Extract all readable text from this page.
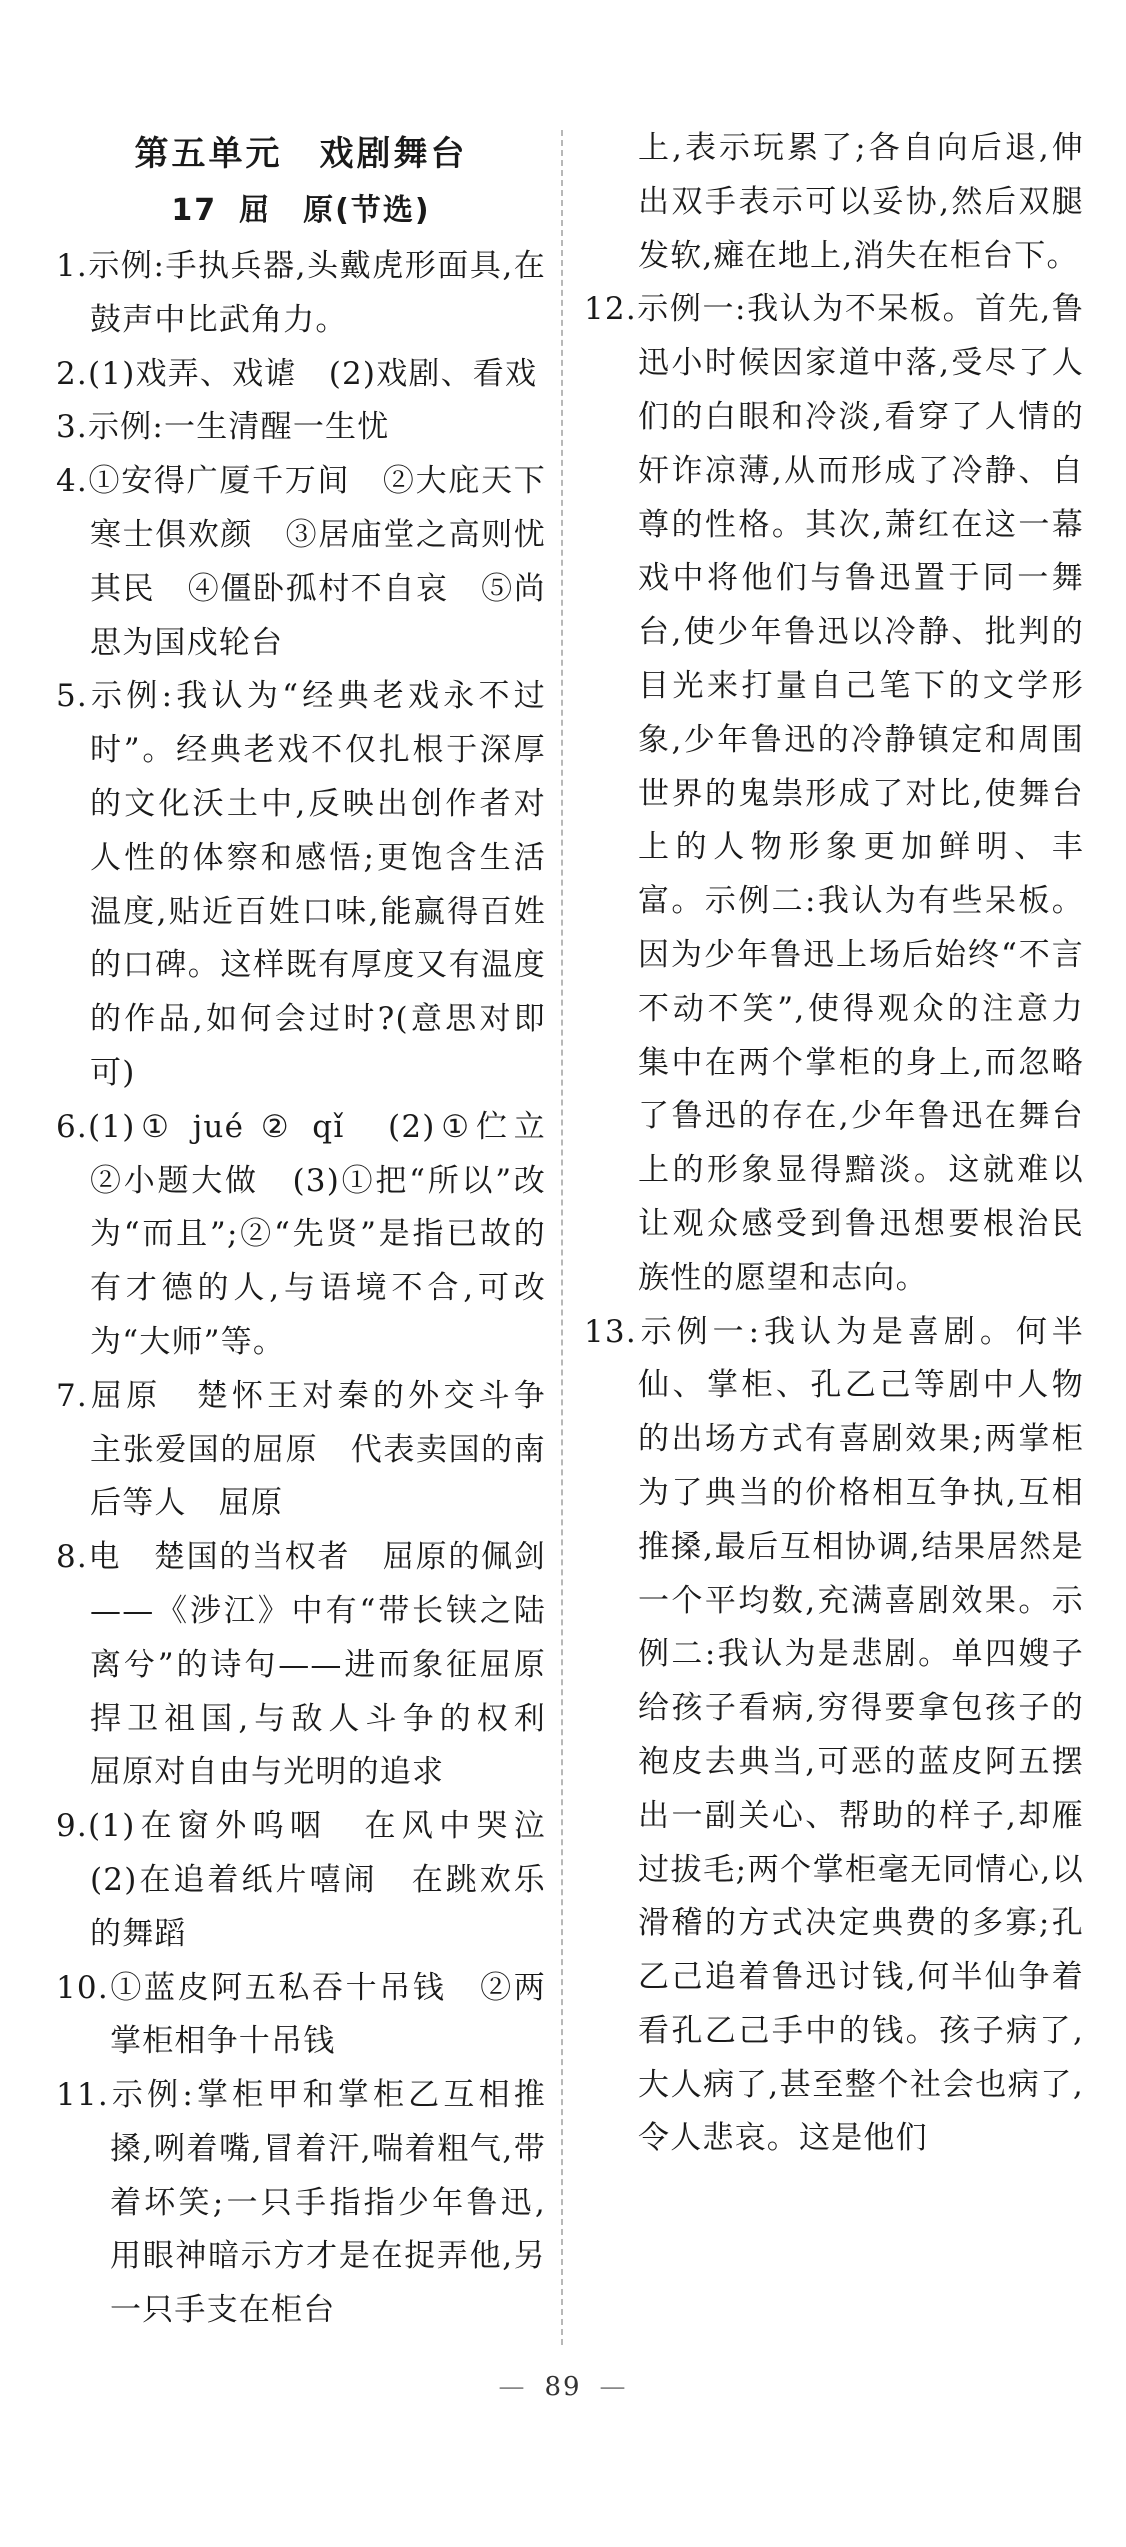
第五单元　戏剧舞台
17 屈　原(节选)

1.示例:手执兵器,头戴虎形面具,在鼓声中比武角力。

2.(1)戏弄、戏谑　(2)戏剧、看戏

3.示例:一生清醒一生忧

4.①安得广厦千万间　②大庇天下寒士俱欢颜　③居庙堂之高则忧其民　④僵卧孤村不自哀　⑤尚思为国戍轮台

5.示例:我认为“经典老戏永不过时”。经典老戏不仅扎根于深厚的文化沃土中,反映出创作者对人性的体察和感悟;更饱含生活温度,贴近百姓口味,能赢得百姓的口碑。这样既有厚度又有温度的作品,如何会过时?(意思对即可)

6.(1)① jué ② qǐ　(2)①伫立　②小题大做　(3)①把“所以”改为“而且”;②“先贤”是指已故的有才德的人,与语境不合,可改为“大师”等。

7.屈原　楚怀王对秦的外交斗争　主张爱国的屈原　代表卖国的南后等人　屈原

8.电　楚国的当权者　屈原的佩剑——《涉江》中有“带长铗之陆离兮”的诗句——进而象征屈原捍卫祖国,与敌人斗争的权利　屈原对自由与光明的追求

9.(1)在窗外呜咽　在风中哭泣　(2)在追着纸片嘻闹　在跳欢乐的舞蹈

10.①蓝皮阿五私吞十吊钱　②两掌柜相争十吊钱

11.示例:掌柜甲和掌柜乙互相推搡,咧着嘴,冒着汗,喘着粗气,带着坏笑;一只手指指少年鲁迅,用眼神暗示方才是在捉弄他,另一只手支在柜台

上,表示玩累了;各自向后退,伸出双手表示可以妥协,然后双腿发软,瘫在地上,消失在柜台下。

12.示例一:我认为不呆板。首先,鲁迅小时候因家道中落,受尽了人们的白眼和冷淡,看穿了人情的奸诈凉薄,从而形成了冷静、自尊的性格。其次,萧红在这一幕戏中将他们与鲁迅置于同一舞台,使少年鲁迅以冷静、批判的目光来打量自己笔下的文学形象,少年鲁迅的冷静镇定和周围世界的鬼祟形成了对比,使舞台上的人物形象更加鲜明、丰富。示例二:我认为有些呆板。因为少年鲁迅上场后始终“不言不动不笑”,使得观众的注意力集中在两个掌柜的身上,而忽略了鲁迅的存在,少年鲁迅在舞台上的形象显得黯淡。这就难以让观众感受到鲁迅想要根治民族性的愿望和志向。

13.示例一:我认为是喜剧。何半仙、掌柜、孔乙己等剧中人物的出场方式有喜剧效果;两掌柜为了典当的价格相互争执,互相推搡,最后互相协调,结果居然是一个平均数,充满喜剧效果。示例二:我认为是悲剧。单四嫂子给孩子看病,穷得要拿包孩子的袍皮去典当,可恶的蓝皮阿五摆出一副关心、帮助的样子,却雁过拔毛;两个掌柜毫无同情心,以滑稽的方式决定典费的多寡;孔乙己追着鲁迅讨钱,何半仙争着看孔乙己手中的钱。孩子病了,大人病了,甚至整个社会也病了,令人悲哀。这是他们

— 89 —
